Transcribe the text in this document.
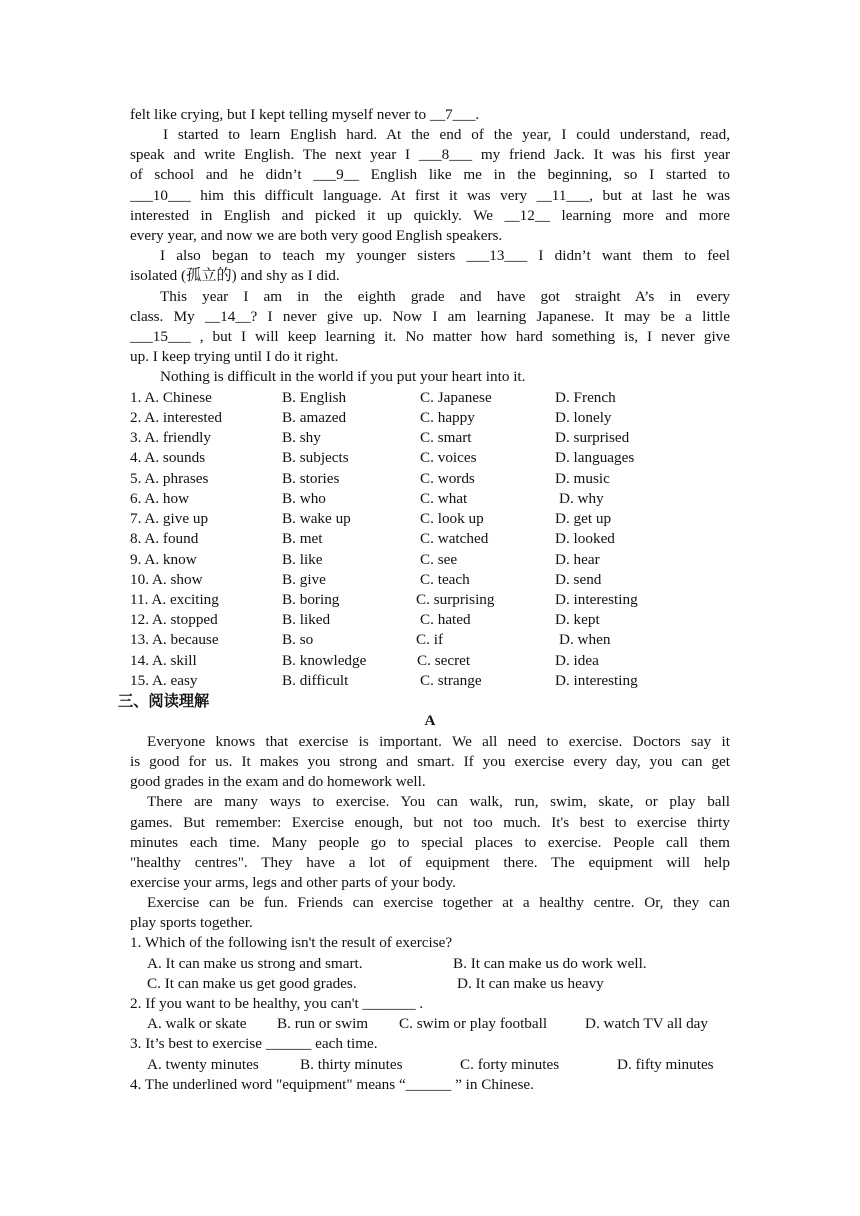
felt like crying, but I kept telling myself never to __7___.
I started to learn English hard. At the end of the year, I could understand, read,
speak and write English. The next year I ___8___ my friend Jack. It was his first year
of school and he didn’t ___9__ English like me in the beginning, so I started to
___10___ him this difficult language. At first it was very __11___, but at last he was
interested in English and picked it up quickly. We __12__ learning more and more
every year, and now we are both very good English speakers.
I also began to teach my younger sisters ___13___ I didn’t want them to feel
isolated (孤立的) and shy as I did.
This year I am in the eighth grade and have got straight A’s in every
class. My __14__? I never give up. Now I am learning Japanese. It may be a little
___15___ , but I will keep learning it. No matter how hard something is, I never give
up. I keep trying until I do it right.
Nothing is difficult in the world if you put your heart into it.
1. A. Chinese	B. English	C. Japanese	D. French
2. A. interested	B. amazed	C. happy	D. lonely
3. A. friendly	B. shy	C. smart	D. surprised
4. A. sounds	B. subjects	C. voices	D. languages
5. A. phrases	B. stories	C. words	D. music
6. A. how	B. who	C. what	D. why
7. A. give up	B. wake up	C. look up	D. get up
8. A. found	B. met	C. watched	D. looked
9. A. know	B. like	C. see	D. hear
10. A. show	B. give	C. teach	D. send
11. A. exciting	B. boring	C. surprising	D. interesting
12. A. stopped	B. liked	C. hated	D. kept
13. A. because	B. so	C. if	D. when
14. A. skill	B. knowledge	C. secret	D. idea
15. A. easy	B. difficult	C. strange	D. interesting
三、阅读理解
A
Everyone knows that exercise is important. We all need to exercise. Doctors say it
is good for us. It makes you strong and smart. If you exercise every day, you can get
good grades in the exam and do homework well.
There are many ways to exercise. You can walk, run, swim, skate, or play ball
games. But remember: Exercise enough, but not too much. It's best to exercise thirty
minutes each time. Many people go to special places to exercise. People call them
"healthy centres". They have a lot of equipment there. The equipment will help
exercise your arms, legs and other parts of your body.
Exercise can be fun. Friends can exercise together at a healthy centre. Or, they can
play sports together.
1. Which of the following isn't the result of exercise?
A. It can make us strong and smart.	B. It can make us do work well.
C. It can make us get good grades.	D. It can make us heavy
2. If you want to be healthy, you can't _______ .
A. walk or skate B. run or swim C. swim or play football D. watch TV all day
3. It’s best to exercise ______ each time.
A. twenty minutes	B. thirty minutes	C. forty minutes	D. fifty minutes
4. The underlined word "equipment" means “______ ” in Chinese.
